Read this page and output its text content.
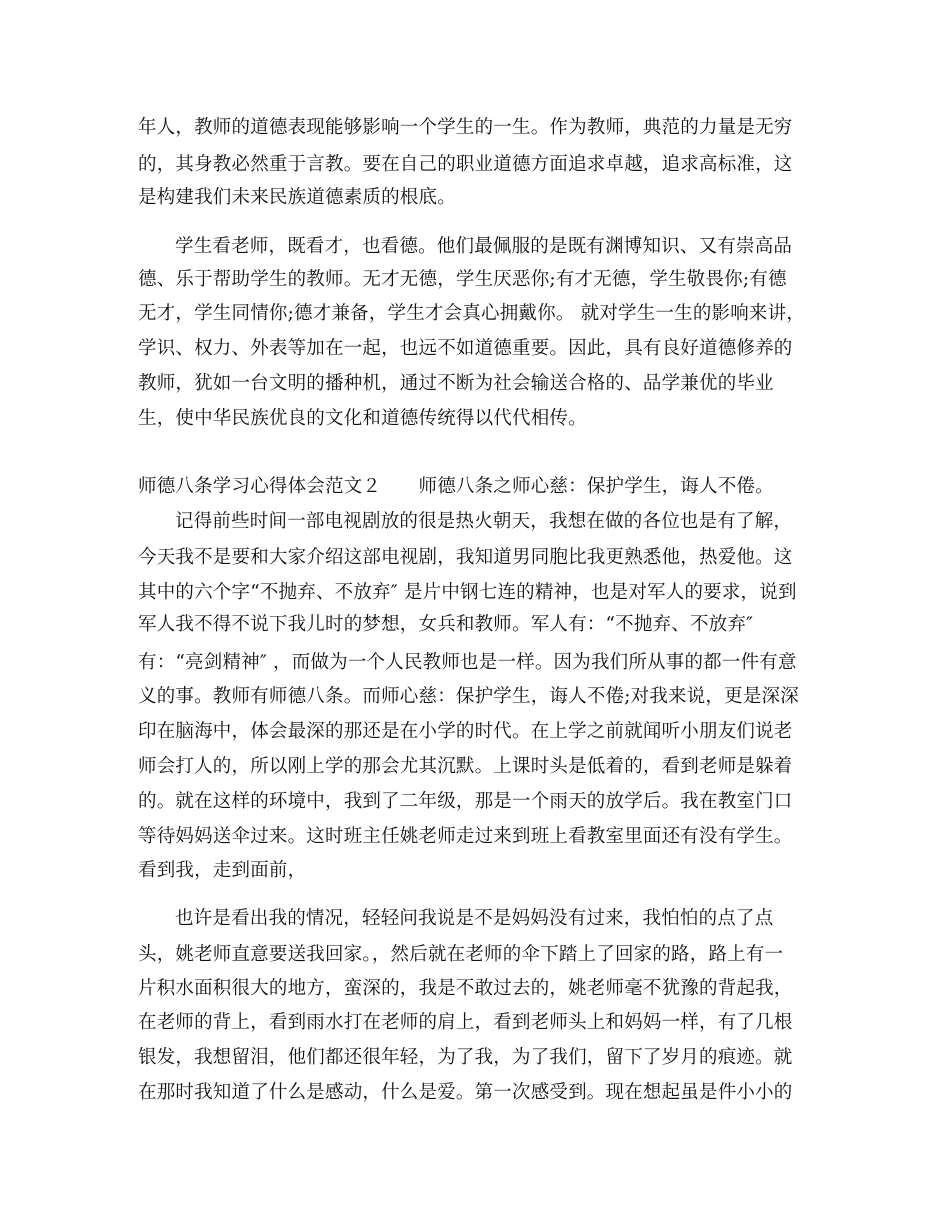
年人，教师的道德表现能够影响一个学生的一生。作为教师，典范的力量是无穷
的，其身教必然重于言教。要在自己的职业道德方面追求卓越，追求高标准，这
是构建我们未来民族道德素质的根底。
学生看老师，既看才，也看德。他们最佩服的是既有渊博知识、又有崇高品
德、乐于帮助学生的教师。无才无德，学生厌恶你;有才无德，学生敬畏你;有德
无才，学生同情你;德才兼备，学生才会真心拥戴你。 就对学生一生的影响来讲，
学识、权力、外表等加在一起，也远不如道德重要。因此，具有良好道德修养的
教师，犹如一台文明的播种机，通过不断为社会输送合格的、品学兼优的毕业
生，使中华民族优良的文化和道德传统得以代代相传。
师德八条学习心得体会范文２　　师德八条之师心慈：保护学生，诲人不倦。
记得前些时间一部电视剧放的很是热火朝天，我想在做的各位也是有了解，
今天我不是要和大家介绍这部电视剧，我知道男同胞比我更熟悉他，热爱他。这
其中的六个字“不抛弃、不放弃″ 是片中钢七连的精神，也是对军人的要求，说到
军人我不得不说下我儿时的梦想，女兵和教师。军人有：“不抛弃、不放弃″
有：“亮剑精神″ ，而做为一个人民教师也是一样。因为我们所从事的都一件有意
义的事。教师有师德八条。而师心慈：保护学生，诲人不倦;对我来说，更是深深
印在脑海中，体会最深的那还是在小学的时代。在上学之前就闻听小朋友们说老
师会打人的，所以刚上学的那会尤其沉默。上课时头是低着的，看到老师是躲着
的。就在这样的环境中，我到了二年级，那是一个雨天的放学后。我在教室门口
等待妈妈送伞过来。这时班主任姚老师走过来到班上看教室里面还有没有学生。
看到我，走到面前，
也许是看出我的情况，轻轻问我说是不是妈妈没有过来，我怕怕的点了点
头，姚老师直意要送我回家。，然后就在老师的伞下踏上了回家的路，路上有一
片积水面积很大的地方，蛮深的，我是不敢过去的，姚老师毫不犹豫的背起我，
在老师的背上，看到雨水打在老师的肩上，看到老师头上和妈妈一样，有了几根
银发，我想留泪，他们都还很年轻，为了我，为了我们，留下了岁月的痕迹。就
在那时我知道了什么是感动，什么是爱。第一次感受到。现在想起虽是件小小的
